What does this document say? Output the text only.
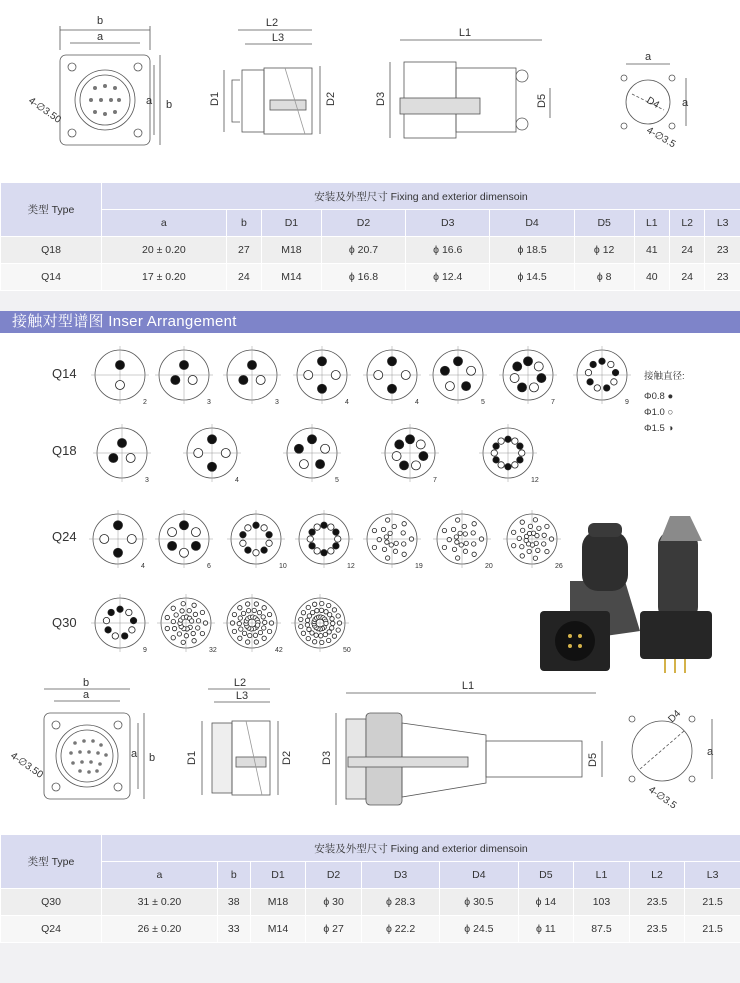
b
a
b
a
4-∅3.50
L2
L3
D1	D2
L1
D3	D5
a
D4 a
4-∅3.5
类型 Type	安装及外型尺寸 Fixing and exterior dimensoin									
	a	b	D1	D2	D3	D4	D5	L1	L2	L3
Q18	20 ± 0.20	27	M18	ϕ 20.7	ϕ 16.6	ϕ 18.5	ϕ 12	41	24	23
Q14	17 ± 0.20	24	M14	ϕ 16.8	ϕ 12.4	ϕ 14.5	ϕ 8	40	24	23
接触对型谱图 Inser Arrangement
Q14
Q18
Q24
Q30
2	3	3	4	4	5	7	9
3	4	5	7	12
4	6	10	12	19	20	26
9	32	42	50
接触直径:
Φ0.8 ●
Φ1.0 ○
Φ1.5 ◑
b
a
b
a
4-∅3.50
L2
L3
D1	D2
L1
D3	D5
D4
a
4-∅3.5
类型 Type	安装及外型尺寸 Fixing and exterior dimensoin									
	a	b	D1	D2	D3	D4	D5	L1	L2	L3
Q30	31 ± 0.20	38	M18	ϕ 30	ϕ 28.3	ϕ 30.5	ϕ 14	103	23.5	21.5
Q24	26 ± 0.20	33	M14	ϕ 27	ϕ 22.2	ϕ 24.5	ϕ 11	87.5	23.5	21.5
